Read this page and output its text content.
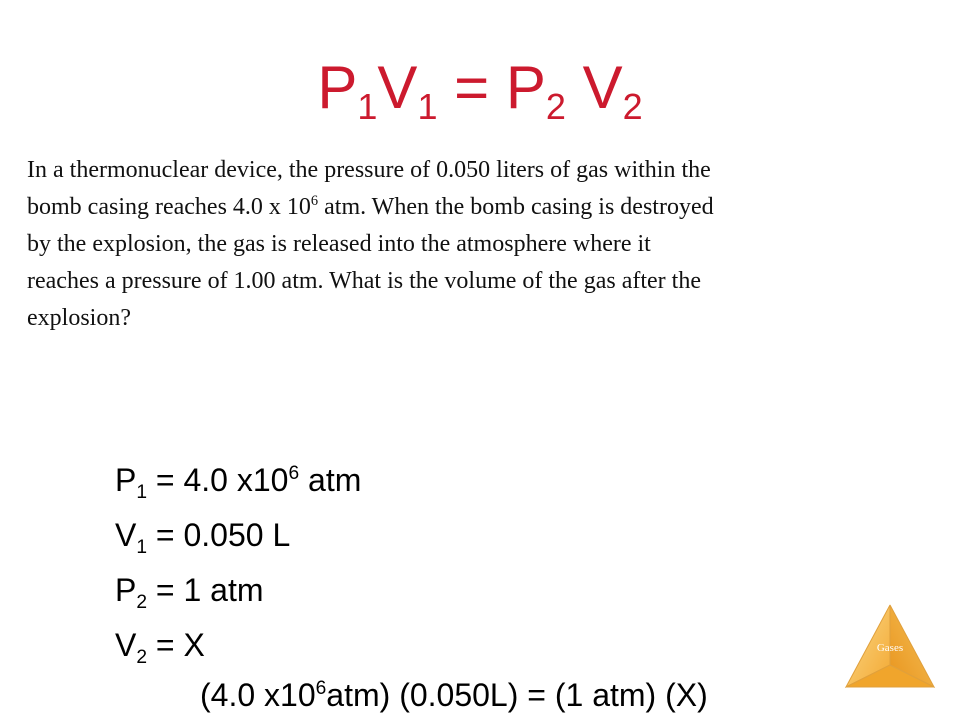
P1V1 = P2 V2
In a thermonuclear device, the pressure of 0.050 liters of gas within the
bomb casing reaches 4.0 x $10^6$ atm. When the bomb casing is destroyed
by the explosion, the gas is released into the atmosphere where it
reaches a pressure of 1.00 atm. What is the volume of the gas after the
explosion?
$P_1 = 4.0$ $x10^6$ atm
$V_1 = 0.050$ L
$P_2 = 1$ atm
$V_2 = X$
(4.0 $x10^6atm$) (0.050L) = (1 atm) (X)
Gases
